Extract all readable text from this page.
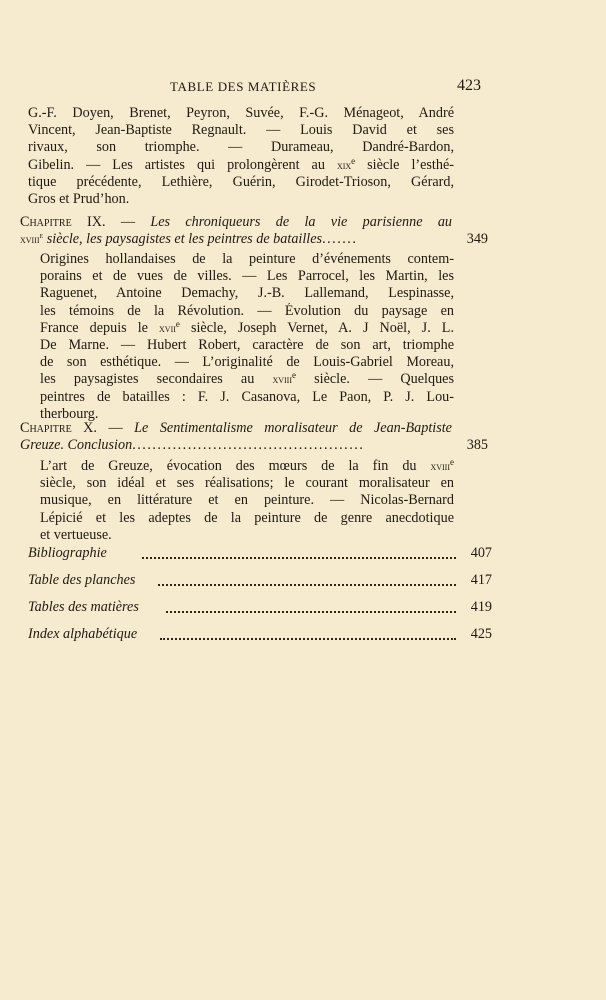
TABLE DES MATIÈRES	423
G.-F. Doyen, Brenet, Peyron, Suvée, F.-G. Ménageot, André
Vincent, Jean-Baptiste Regnault. — Louis David et ses
rivaux, son triomphe. — Durameau, Dandré-Bardon,
Gibelin. — Les artistes qui prolongèrent au xix$^e$ siècle l’esthé-
tique précédente, Lethière, Guérin, Girodet-Trioson, Gérard,
Gros et Prud’hon.
Chapitre IX. — Les chroniqueurs de la vie parisienne au
xviii$^e$ siècle, les paysagistes et les peintres de batailles.......	349
Origines hollandaises de la peinture d’événements contem-
porains et de vues de villes. — Les Parrocel, les Martin, les
Raguenet, Antoine Demachy, J.-B. Lallemand, Lespinasse,
les témoins de la Révolution. — Évolution du paysage en
France depuis le xvii$^e$ siècle, Joseph Vernet, A. J Noël, J. L.
De Marne. — Hubert Robert, caractère de son art, triomphe
de son esthétique. — L’originalité de Louis-Gabriel Moreau,
les paysagistes secondaires au xviii$^e$ siècle. — Quelques
peintres de batailles : F. J. Casanova, Le Paon, P. J. Lou-
therbourg.
Chapitre X. — Le Sentimentalisme moralisateur de Jean-Baptiste
Greuze. Conclusion..............................................	385
L’art de Greuze, évocation des mœurs de la fin du xviii$^e$
siècle, son idéal et ses réalisations; le courant moralisateur en
musique, en littérature et en peinture. — Nicolas-Bernard
Lépicié et les adeptes de la peinture de genre anecdotique
et vertueuse.
Bibliographie	407
Table des planches	417
Tables des matières	419
Index alphabétique	425
